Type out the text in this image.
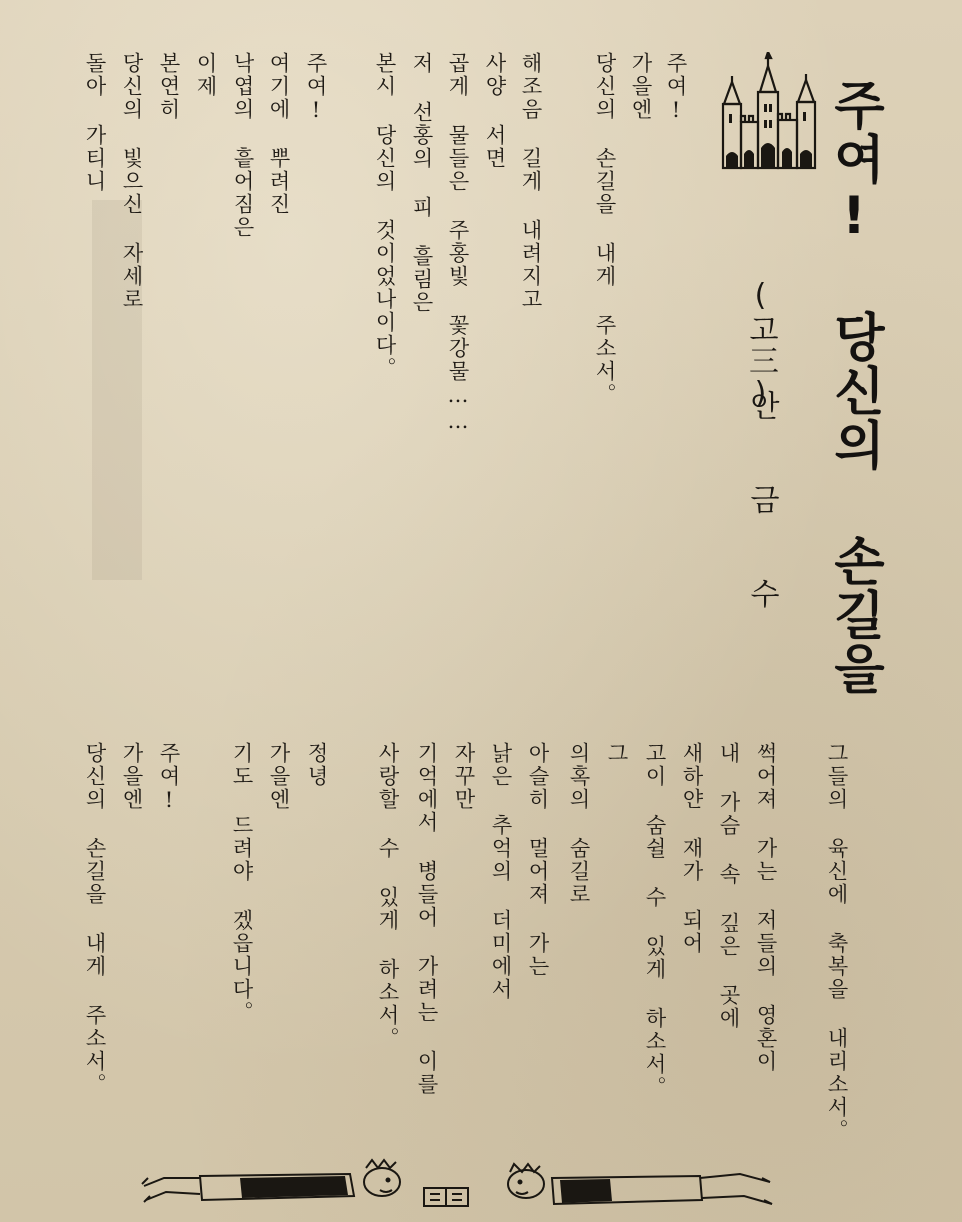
주여! 당신의 손길을
(고三)
안금수
주여!
가을엔
당신의 손길을 내게 주소서。
해조음 길게 내려지고
사양 서면
곱게 물들은 주홍빛 꽃강물……
저 선홍의 피 흘림은
본시 당신의 것이었나이다。
주여!
여기에 뿌려진
낙엽의 흩어짐은
이제
본연히
당신의 빛으신 자세로
돌아 가티니
그들의 육신에 축복을 내리소서。
썩어져 가는 저들의 영혼이
내 가슴 속 깊은 곳에
새하얀 재가 되어
고이 숨쉴 수 있게 하소서。
그
의혹의 숨길로
아슬히 멀어져 가는
낡은 추억의 더미에서
자꾸만
기억에서 병들어 가려는 이를
사랑할 수 있게 하소서。
정녕
가을엔
기도 드려야 겠읍니다。
주여!
가을엔
당신의 손길을 내게 주소서。
